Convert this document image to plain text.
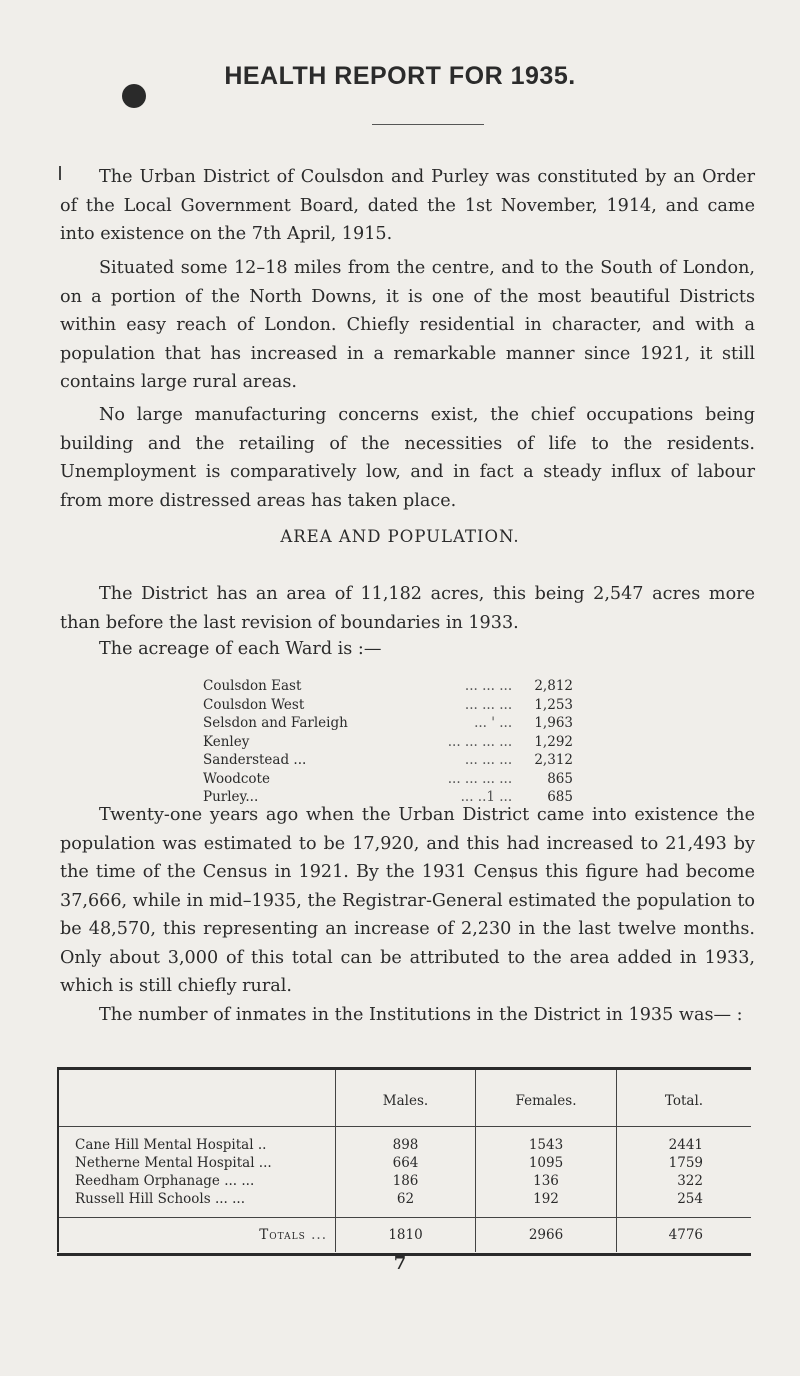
HEALTH REPORT FOR 1935.

The Urban District of Coulsdon and Purley was constituted by an Order of the Local Government Board, dated the 1st November, 1914, and came into existence on the 7th April, 1915.

Situated some 12–18 miles from the centre, and to the South of London, on a portion of the North Downs, it is one of the most beautiful Districts within easy reach of London. Chiefly residential in character, and with a population that has increased in a remarkable manner since 1921, it still contains large rural areas.

No large manufacturing concerns exist, the chief occupations being building and the retailing of the necessities of life to the residents. Unemployment is comparatively low, and in fact a steady influx of labour from more distressed areas has taken place.

AREA AND POPULATION.

The District has an area of 11,182 acres, this being 2,547 acres more than before the last revision of boundaries in 1933.

The acreage of each Ward is :—
Coulsdon East	... ... ...	2,812
Coulsdon West	... ... ...	1,253
Selsdon and Farleigh	... ' ...	1,963
Kenley	... ... ... ...	1,292
Sanderstead ...	... ... ...	2,312
Woodcote	... ... ... ...	865
Purley...	... ..1 ...	685

Twenty-one years ago when the Urban District came into existence the population was estimated to be 17,920, and this had increased to 21,493 by the time of the Census in 1921. By the 1931 Census this figure had become 37,666, while in mid–1935, the Registrar-General estimated the population to be 48,570, this representing an increase of 2,230 in the last twelve months. Only about 3,000 of this total can be attributed to the area added in 1933, which is still chiefly rural.

The number of inmates in the Institutions in the District in 1935 was— :

	Males.	Females.	Total.
Cane Hill Mental Hospital ..	898	1543	2441
Netherne Mental Hospital ...	664	1095	1759
Reedham Orphanage ... ...	186	136	322
Russell Hill Schools ... ...	62	192	254
Totals ...	1810	2966	4776
7
